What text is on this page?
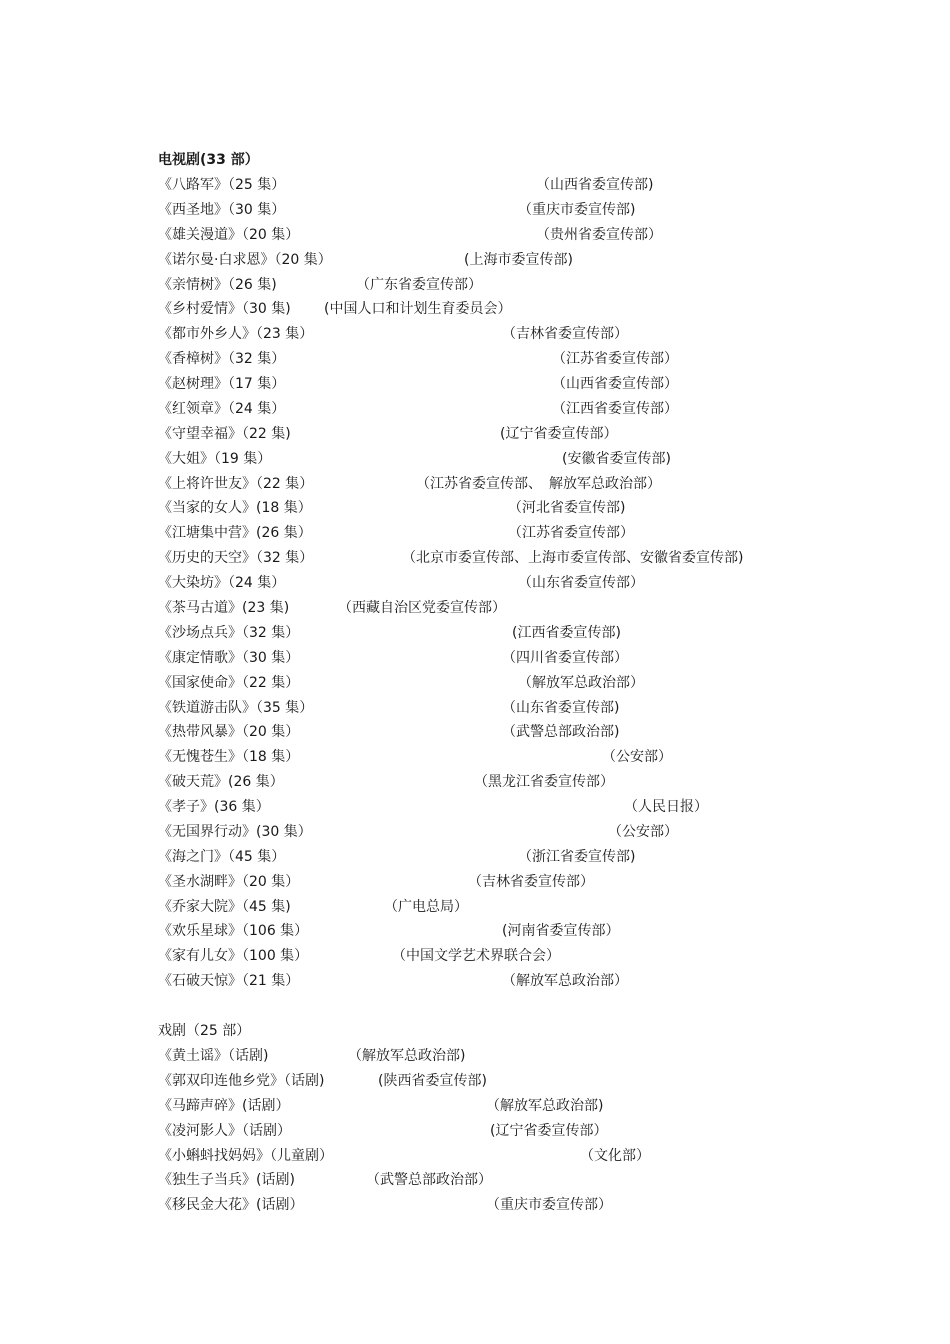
电视剧(33 部）
《八路军》（25 集）	（山西省委宣传部)
《西圣地》（30 集）	（重庆市委宣传部)
《雄关漫道》（20 集）	（贵州省委宣传部）
《诺尔曼·白求恩》（20 集）	(上海市委宣传部)
《亲情树》（26 集)	（广东省委宣传部）
《乡村爱情》（30 集) (中国人口和计划生育委员会）
《都市外乡人》（23 集）	（吉林省委宣传部）
《香樟树》（32 集）	（江苏省委宣传部）
《赵树理》（17 集）	（山西省委宣传部）
《红领章》（24 集）	（江西省委宣传部）
《守望幸福》（22 集)	(辽宁省委宣传部）
《大姐》（19 集）	(安徽省委宣传部)
《上将许世友》（22 集）	（江苏省委宣传部、　解放军总政治部）
《当家的女人》(18 集）	（河北省委宣传部)
《江塘集中营》(26 集）	（江苏省委宣传部）
《历史的天空》（32 集）	（北京市委宣传部、上海市委宣传部、安徽省委宣传部)
《大染坊》（24 集）	（山东省委宣传部）
《茶马古道》(23 集)	（西藏自治区党委宣传部）
《沙场点兵》（32 集）	(江西省委宣传部)
《康定情歌》（30 集）	（四川省委宣传部）
《国家使命》（22 集）	（解放军总政治部）
《铁道游击队》（35 集）	（山东省委宣传部)
《热带风暴》（20 集）	（武警总部政治部)
《无愧苍生》（18 集）	（公安部）
《破天荒》(26 集）	（黑龙江省委宣传部）
《孝子》(36 集）	（人民日报）
《无国界行动》(30 集）	（公安部）
《海之门》（45 集）	（浙江省委宣传部)
《圣水湖畔》（20 集）	（吉林省委宣传部）
《乔家大院》（45 集)	（广电总局）
《欢乐星球》（106 集）	(河南省委宣传部）
《家有儿女》（100 集）	（中国文学艺术界联合会）
《石破天惊》（21 集）	（解放军总政治部）
戏剧（25 部）
《黄土谣》（话剧)	（解放军总政治部)
《郭双印连他乡党》（话剧)	(陕西省委宣传部)
《马蹄声碎》(话剧）	（解放军总政治部)
《凌河影人》（话剧）	(辽宁省委宣传部）
《小蝌蚪找妈妈》（儿童剧）	（文化部）
《独生子当兵》(话剧)	（武警总部政治部）
《移民金大花》(话剧）	（重庆市委宣传部）
